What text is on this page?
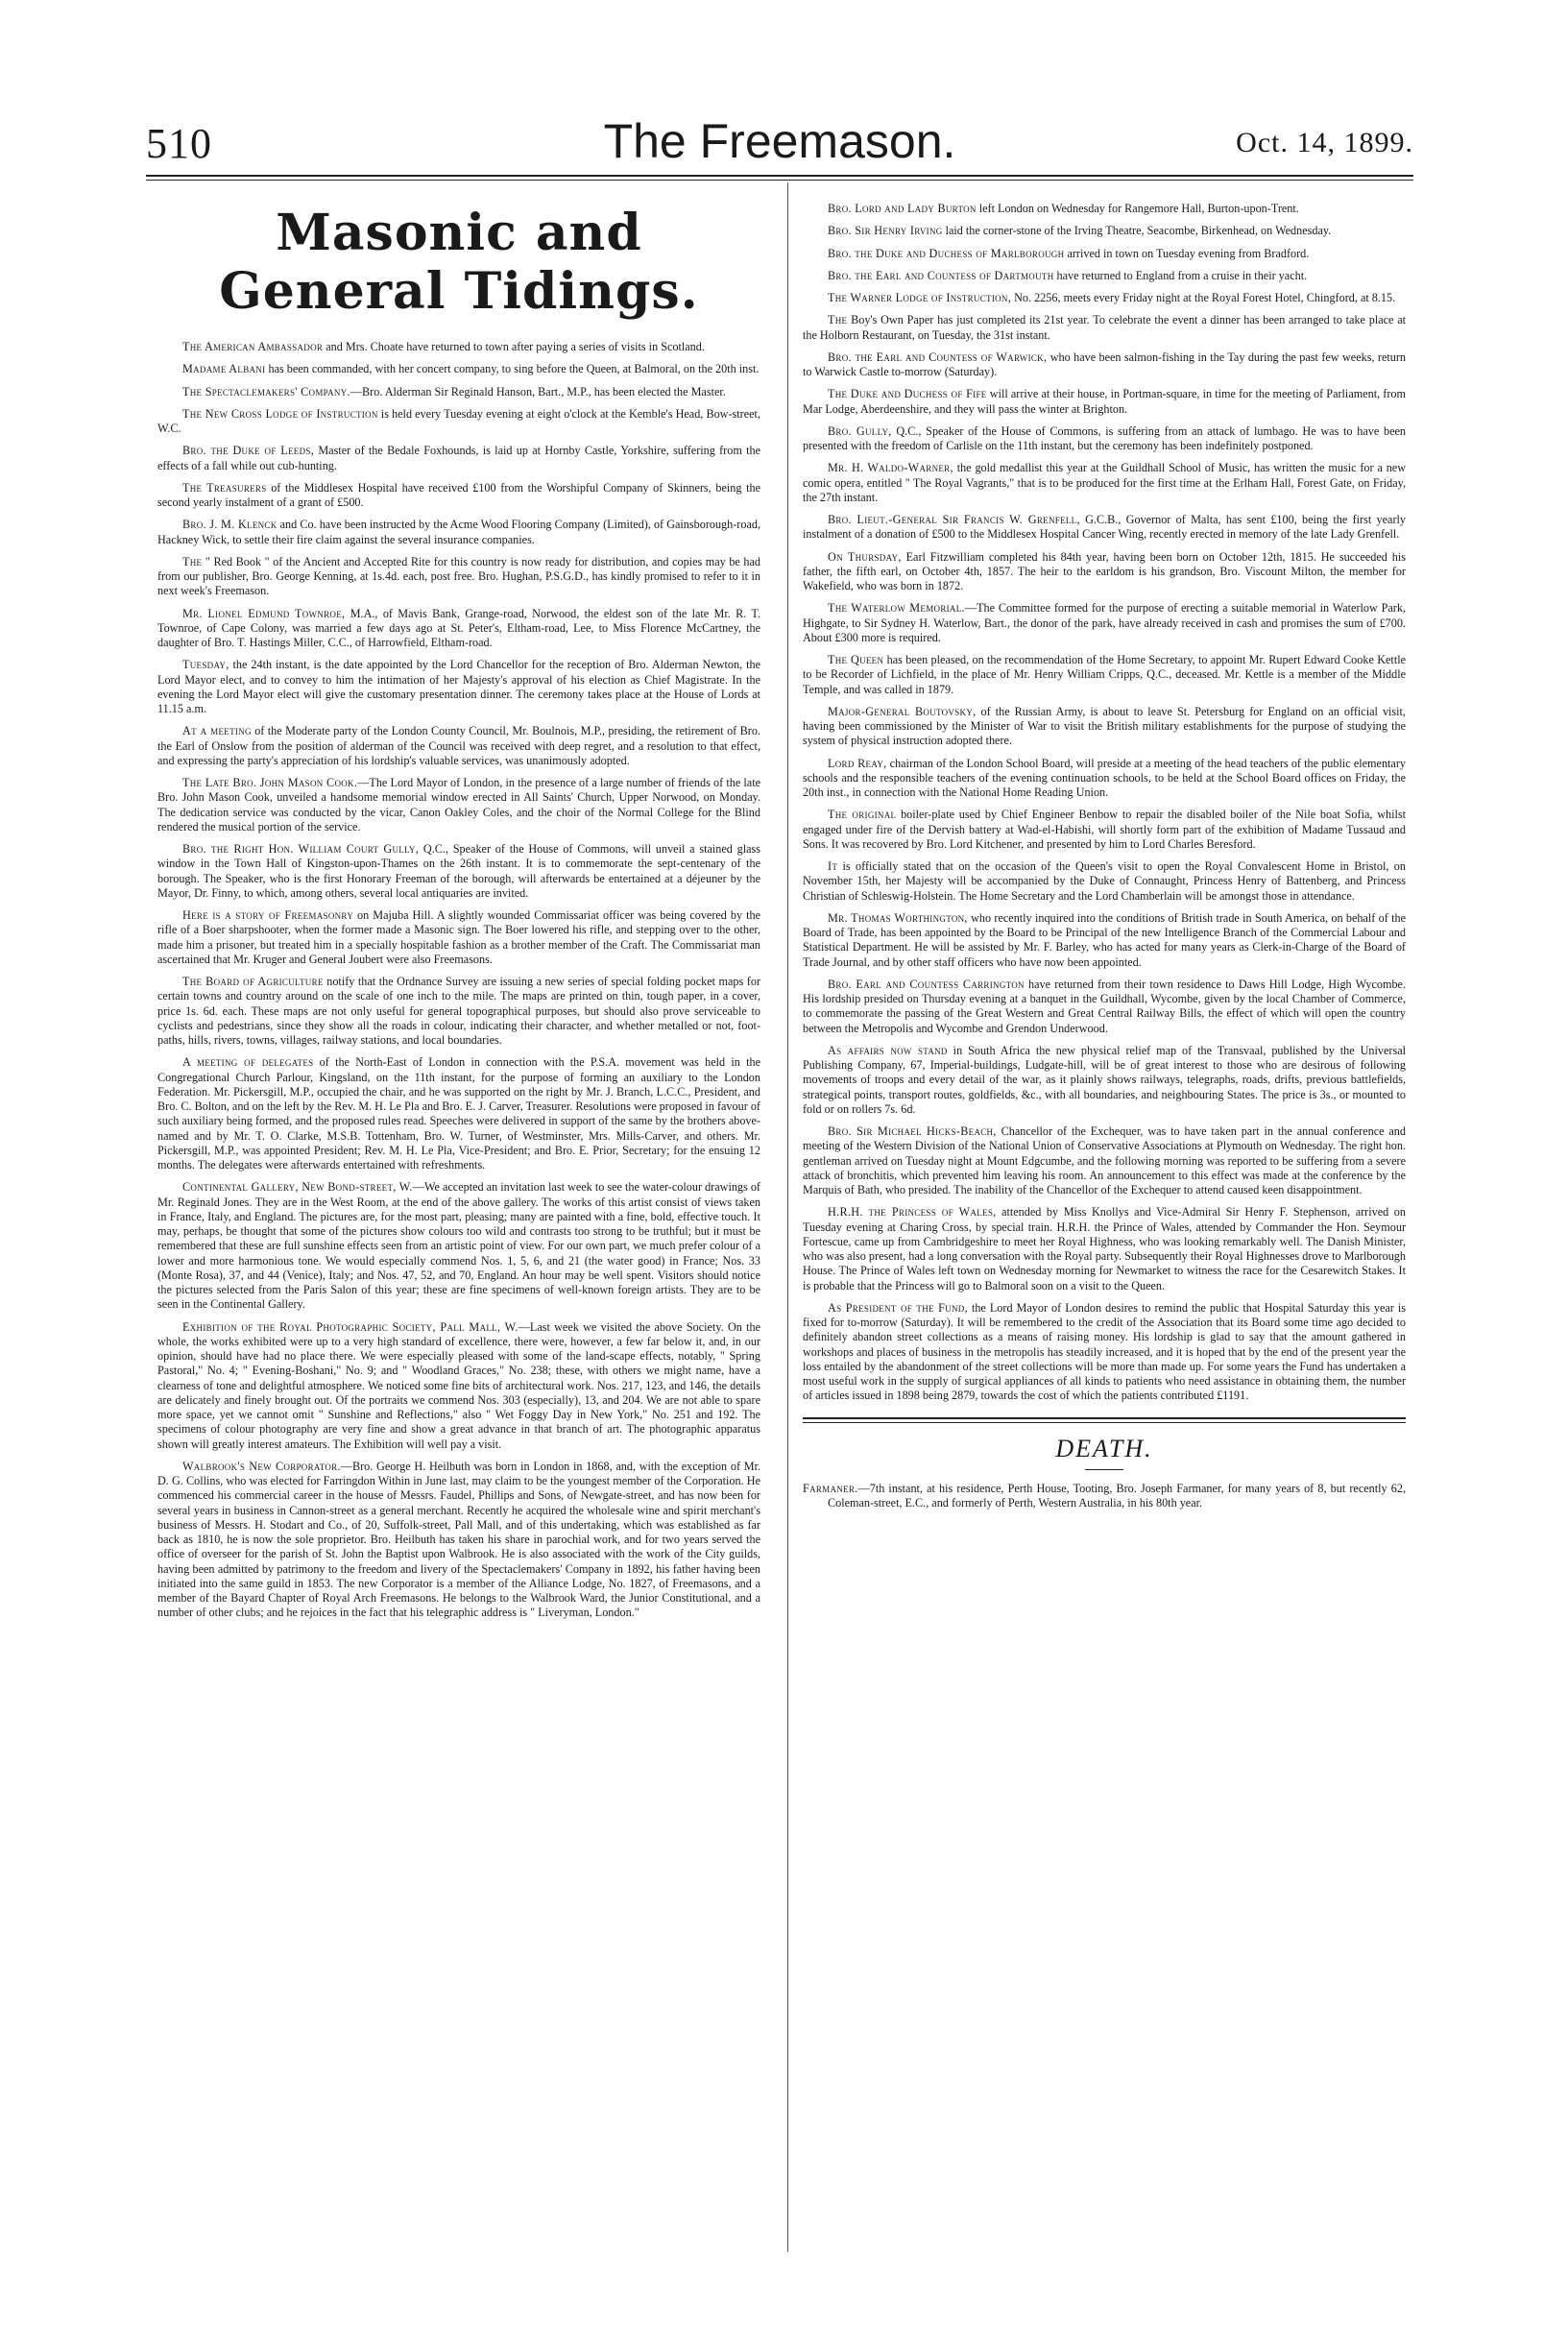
510	The Freemason.	Oct. 14, 1899.
Masonic and General Tidings.

The American Ambassador and Mrs. Choate have returned to town after paying a series of visits in Scotland.

Madame Albani has been commanded, with her concert company, to sing before the Queen, at Balmoral, on the 20th inst.

The Spectaclemakers' Company.—Bro. Alderman Sir Reginald Hanson, Bart., M.P., has been elected the Master.

The New Cross Lodge of Instruction is held every Tuesday evening at eight o'clock at the Kemble's Head, Bow-street, W.C.

Bro. the Duke of Leeds, Master of the Bedale Foxhounds, is laid up at Hornby Castle, Yorkshire, suffering from the effects of a fall while out cub-hunting.

The Treasurers of the Middlesex Hospital have received £100 from the Worshipful Company of Skinners, being the second yearly instalment of a grant of £500.

Bro. J. M. Klenck and Co. have been instructed by the Acme Wood Flooring Company (Limited), of Gainsborough-road, Hackney Wick, to settle their fire claim against the several insurance companies.

The " Red Book " of the Ancient and Accepted Rite for this country is now ready for distribution, and copies may be had from our publisher, Bro. George Kenning, at 1s.4d. each, post free. Bro. Hughan, P.S.G.D., has kindly promised to refer to it in next week's Freemason.

Mr. Lionel Edmund Townroe, M.A., of Mavis Bank, Grange-road, Norwood, the eldest son of the late Mr. R. T. Townroe, of Cape Colony, was married a few days ago at St. Peter's, Eltham-road, Lee, to Miss Florence McCartney, the daughter of Bro. T. Hastings Miller, C.C., of Harrowfield, Eltham-road.

Tuesday, the 24th instant, is the date appointed by the Lord Chancellor for the reception of Bro. Alderman Newton, the Lord Mayor elect, and to convey to him the intimation of her Majesty's approval of his election as Chief Magistrate. In the evening the Lord Mayor elect will give the customary presentation dinner. The ceremony takes place at the House of Lords at 11.15 a.m.

At a meeting of the Moderate party of the London County Council, Mr. Boulnois, M.P., presiding, the retirement of Bro. the Earl of Onslow from the position of alderman of the Council was received with deep regret, and a resolution to that effect, and expressing the party's appreciation of his lordship's valuable services, was unanimously adopted.

The Late Bro. John Mason Cook.—The Lord Mayor of London, in the presence of a large number of friends of the late Bro. John Mason Cook, unveiled a handsome memorial window erected in All Saints' Church, Upper Norwood, on Monday. The dedication service was conducted by the vicar, Canon Oakley Coles, and the choir of the Normal College for the Blind rendered the musical portion of the service.

Bro. the Right Hon. William Court Gully, Q.C., Speaker of the House of Commons, will unveil a stained glass window in the Town Hall of Kingston-upon-Thames on the 26th instant. It is to commemorate the sept-centenary of the borough. The Speaker, who is the first Honorary Freeman of the borough, will afterwards be entertained at a déjeuner by the Mayor, Dr. Finny, to which, among others, several local antiquaries are invited.

Here is a story of Freemasonry on Majuba Hill. A slightly wounded Commissariat officer was being covered by the rifle of a Boer sharpshooter, when the former made a Masonic sign. The Boer lowered his rifle, and stepping over to the other, made him a prisoner, but treated him in a specially hospitable fashion as a brother member of the Craft. The Commissariat man ascertained that Mr. Kruger and General Joubert were also Freemasons.

The Board of Agriculture notify that the Ordnance Survey are issuing a new series of special folding pocket maps for certain towns and country around on the scale of one inch to the mile. The maps are printed on thin, tough paper, in a cover, price 1s. 6d. each. These maps are not only useful for general topographical purposes, but should also prove serviceable to cyclists and pedestrians, since they show all the roads in colour, indicating their character, and whether metalled or not, foot-paths, hills, rivers, towns, villages, railway stations, and local boundaries.

A meeting of delegates of the North-East of London in connection with the P.S.A. movement was held in the Congregational Church Parlour, Kingsland, on the 11th instant, for the purpose of forming an auxiliary to the London Federation. Mr. Pickersgill, M.P., occupied the chair, and he was supported on the right by Mr. J. Branch, L.C.C., President, and Bro. C. Bolton, and on the left by the Rev. M. H. Le Pla and Bro. E. J. Carver, Treasurer. Resolutions were proposed in favour of such auxiliary being formed, and the proposed rules read. Speeches were delivered in support of the same by the brothers above-named and by Mr. T. O. Clarke, M.S.B. Tottenham, Bro. W. Turner, of Westminster, Mrs. Mills-Carver, and others. Mr. Pickersgill, M.P., was appointed President; Rev. M. H. Le Pla, Vice-President; and Bro. E. Prior, Secretary; for the ensuing 12 months. The delegates were afterwards entertained with refreshments.

Continental Gallery, New Bond-street, W.—We accepted an invitation last week to see the water-colour drawings of Mr. Reginald Jones. They are in the West Room, at the end of the above gallery. The works of this artist consist of views taken in France, Italy, and England. The pictures are, for the most part, pleasing; many are painted with a fine, bold, effective touch. It may, perhaps, be thought that some of the pictures show colours too wild and contrasts too strong to be truthful; but it must be remembered that these are full sunshine effects seen from an artistic point of view. For our own part, we much prefer colour of a lower and more harmonious tone. We would especially commend Nos. 1, 5, 6, and 21 (the water good) in France; Nos. 33 (Monte Rosa), 37, and 44 (Venice), Italy; and Nos. 47, 52, and 70, England. An hour may be well spent. Visitors should notice the pictures selected from the Paris Salon of this year; these are fine specimens of well-known foreign artists. They are to be seen in the Continental Gallery.

Exhibition of the Royal Photographic Society, Pall Mall, W.—Last week we visited the above Society. On the whole, the works exhibited were up to a very high standard of excellence, there were, however, a few far below it, and, in our opinion, should have had no place there. We were especially pleased with some of the land-scape effects, notably, " Spring Pastoral," No. 4; " Evening-Boshani," No. 9; and " Woodland Graces," No. 238; these, with others we might name, have a clearness of tone and delightful atmosphere. We noticed some fine bits of architectural work. Nos. 217, 123, and 146, the details are delicately and finely brought out. Of the portraits we commend Nos. 303 (especially), 13, and 204. We are not able to spare more space, yet we cannot omit " Sunshine and Reflections," also " Wet Foggy Day in New York," No. 251 and 192. The specimens of colour photography are very fine and show a great advance in that branch of art. The photographic apparatus shown will greatly interest amateurs. The Exhibition will well pay a visit.

Walbrook's New Corporator.—Bro. George H. Heilbuth was born in London in 1868, and, with the exception of Mr. D. G. Collins, who was elected for Farringdon Within in June last, may claim to be the youngest member of the Corporation. He commenced his commercial career in the house of Messrs. Faudel, Phillips and Sons, of Newgate-street, and has now been for several years in business in Cannon-street as a general merchant. Recently he acquired the wholesale wine and spirit merchant's business of Messrs. H. Stodart and Co., of 20, Suffolk-street, Pall Mall, and of this undertaking, which was established as far back as 1810, he is now the sole proprietor. Bro. Heilbuth has taken his share in parochial work, and for two years served the office of overseer for the parish of St. John the Baptist upon Walbrook. He is also associated with the work of the City guilds, having been admitted by patrimony to the freedom and livery of the Spectaclemakers' Company in 1892, his father having been initiated into the same guild in 1853. The new Corporator is a member of the Alliance Lodge, No. 1827, of Freemasons, and a member of the Bayard Chapter of Royal Arch Freemasons. He belongs to the Walbrook Ward, the Junior Constitutional, and a number of other clubs; and he rejoices in the fact that his telegraphic address is " Liveryman, London."

Bro. Lord and Lady Burton left London on Wednesday for Rangemore Hall, Burton-upon-Trent.

Bro. Sir Henry Irving laid the corner-stone of the Irving Theatre, Seacombe, Birkenhead, on Wednesday.

Bro. the Duke and Duchess of Marlborough arrived in town on Tuesday evening from Bradford.

Bro. the Earl and Countess of Dartmouth have returned to England from a cruise in their yacht.

The Warner Lodge of Instruction, No. 2256, meets every Friday night at the Royal Forest Hotel, Chingford, at 8.15.

The Boy's Own Paper has just completed its 21st year. To celebrate the event a dinner has been arranged to take place at the Holborn Restaurant, on Tuesday, the 31st instant.

Bro. the Earl and Countess of Warwick, who have been salmon-fishing in the Tay during the past few weeks, return to Warwick Castle to-morrow (Saturday).

The Duke and Duchess of Fife will arrive at their house, in Portman-square, in time for the meeting of Parliament, from Mar Lodge, Aberdeenshire, and they will pass the winter at Brighton.

Bro. Gully, Q.C., Speaker of the House of Commons, is suffering from an attack of lumbago. He was to have been presented with the freedom of Carlisle on the 11th instant, but the ceremony has been indefinitely postponed.

Mr. H. Waldo-Warner, the gold medallist this year at the Guildhall School of Music, has written the music for a new comic opera, entitled " The Royal Vagrants," that is to be produced for the first time at the Erlham Hall, Forest Gate, on Friday, the 27th instant.

Bro. Lieut.-General Sir Francis W. Grenfell, G.C.B., Governor of Malta, has sent £100, being the first yearly instalment of a donation of £500 to the Middlesex Hospital Cancer Wing, recently erected in memory of the late Lady Grenfell.

On Thursday, Earl Fitzwilliam completed his 84th year, having been born on October 12th, 1815. He succeeded his father, the fifth earl, on October 4th, 1857. The heir to the earldom is his grandson, Bro. Viscount Milton, the member for Wakefield, who was born in 1872.

The Waterlow Memorial.—The Committee formed for the purpose of erecting a suitable memorial in Waterlow Park, Highgate, to Sir Sydney H. Waterlow, Bart., the donor of the park, have already received in cash and promises the sum of £700. About £300 more is required.

The Queen has been pleased, on the recommendation of the Home Secretary, to appoint Mr. Rupert Edward Cooke Kettle to be Recorder of Lichfield, in the place of Mr. Henry William Cripps, Q.C., deceased. Mr. Kettle is a member of the Middle Temple, and was called in 1879.

Major-General Boutovsky, of the Russian Army, is about to leave St. Petersburg for England on an official visit, having been commissioned by the Minister of War to visit the British military establishments for the purpose of studying the system of physical instruction adopted there.

Lord Reay, chairman of the London School Board, will preside at a meeting of the head teachers of the public elementary schools and the responsible teachers of the evening continuation schools, to be held at the School Board offices on Friday, the 20th inst., in connection with the National Home Reading Union.

The original boiler-plate used by Chief Engineer Benbow to repair the disabled boiler of the Nile boat Sofia, whilst engaged under fire of the Dervish battery at Wad-el-Habishi, will shortly form part of the exhibition of Madame Tussaud and Sons. It was recovered by Bro. Lord Kitchener, and presented by him to Lord Charles Beresford.

It is officially stated that on the occasion of the Queen's visit to open the Royal Convalescent Home in Bristol, on November 15th, her Majesty will be accompanied by the Duke of Connaught, Princess Henry of Battenberg, and Princess Christian of Schleswig-Holstein. The Home Secretary and the Lord Chamberlain will be amongst those in attendance.

Mr. Thomas Worthington, who recently inquired into the conditions of British trade in South America, on behalf of the Board of Trade, has been appointed by the Board to be Principal of the new Intelligence Branch of the Commercial Labour and Statistical Department. He will be assisted by Mr. F. Barley, who has acted for many years as Clerk-in-Charge of the Board of Trade Journal, and by other staff officers who have now been appointed.

Bro. Earl and Countess Carrington have returned from their town residence to Daws Hill Lodge, High Wycombe. His lordship presided on Thursday evening at a banquet in the Guildhall, Wycombe, given by the local Chamber of Commerce, to commemorate the passing of the Great Western and Great Central Railway Bills, the effect of which will open the country between the Metropolis and Wycombe and Grendon Underwood.

As affairs now stand in South Africa the new physical relief map of the Transvaal, published by the Universal Publishing Company, 67, Imperial-buildings, Ludgate-hill, will be of great interest to those who are desirous of following movements of troops and every detail of the war, as it plainly shows railways, telegraphs, roads, drifts, previous battlefields, strategical points, transport routes, goldfields, &c., with all boundaries, and neighbouring States. The price is 3s., or mounted to fold or on rollers 7s. 6d.

Bro. Sir Michael Hicks-Beach, Chancellor of the Exchequer, was to have taken part in the annual conference and meeting of the Western Division of the National Union of Conservative Associations at Plymouth on Wednesday. The right hon. gentleman arrived on Tuesday night at Mount Edgcumbe, and the following morning was reported to be suffering from a severe attack of bronchitis, which prevented him leaving his room. An announcement to this effect was made at the conference by the Marquis of Bath, who presided. The inability of the Chancellor of the Exchequer to attend caused keen disappointment.

H.R.H. the Princess of Wales, attended by Miss Knollys and Vice-Admiral Sir Henry F. Stephenson, arrived on Tuesday evening at Charing Cross, by special train. H.R.H. the Prince of Wales, attended by Commander the Hon. Seymour Fortescue, came up from Cambridgeshire to meet her Royal Highness, who was looking remarkably well. The Danish Minister, who was also present, had a long conversation with the Royal party. Subsequently their Royal Highnesses drove to Marlborough House. The Prince of Wales left town on Wednesday morning for Newmarket to witness the race for the Cesarewitch Stakes. It is probable that the Princess will go to Balmoral soon on a visit to the Queen.

As President of the Fund, the Lord Mayor of London desires to remind the public that Hospital Saturday this year is fixed for to-morrow (Saturday). It will be remembered to the credit of the Association that its Board some time ago decided to definitely abandon street collections as a means of raising money. His lordship is glad to say that the amount gathered in workshops and places of business in the metropolis has steadily increased, and it is hoped that by the end of the present year the loss entailed by the abandonment of the street collections will be more than made up. For some years the Fund has undertaken a most useful work in the supply of surgical appliances of all kinds to patients who need assistance in obtaining them, the number of articles issued in 1898 being 2879, towards the cost of which the patients contributed £1191.

DEATH.

Farmaner.—7th instant, at his residence, Perth House, Tooting, Bro. Joseph Farmaner, for many years of 8, but recently 62, Coleman-street, E.C., and formerly of Perth, Western Australia, in his 80th year.
